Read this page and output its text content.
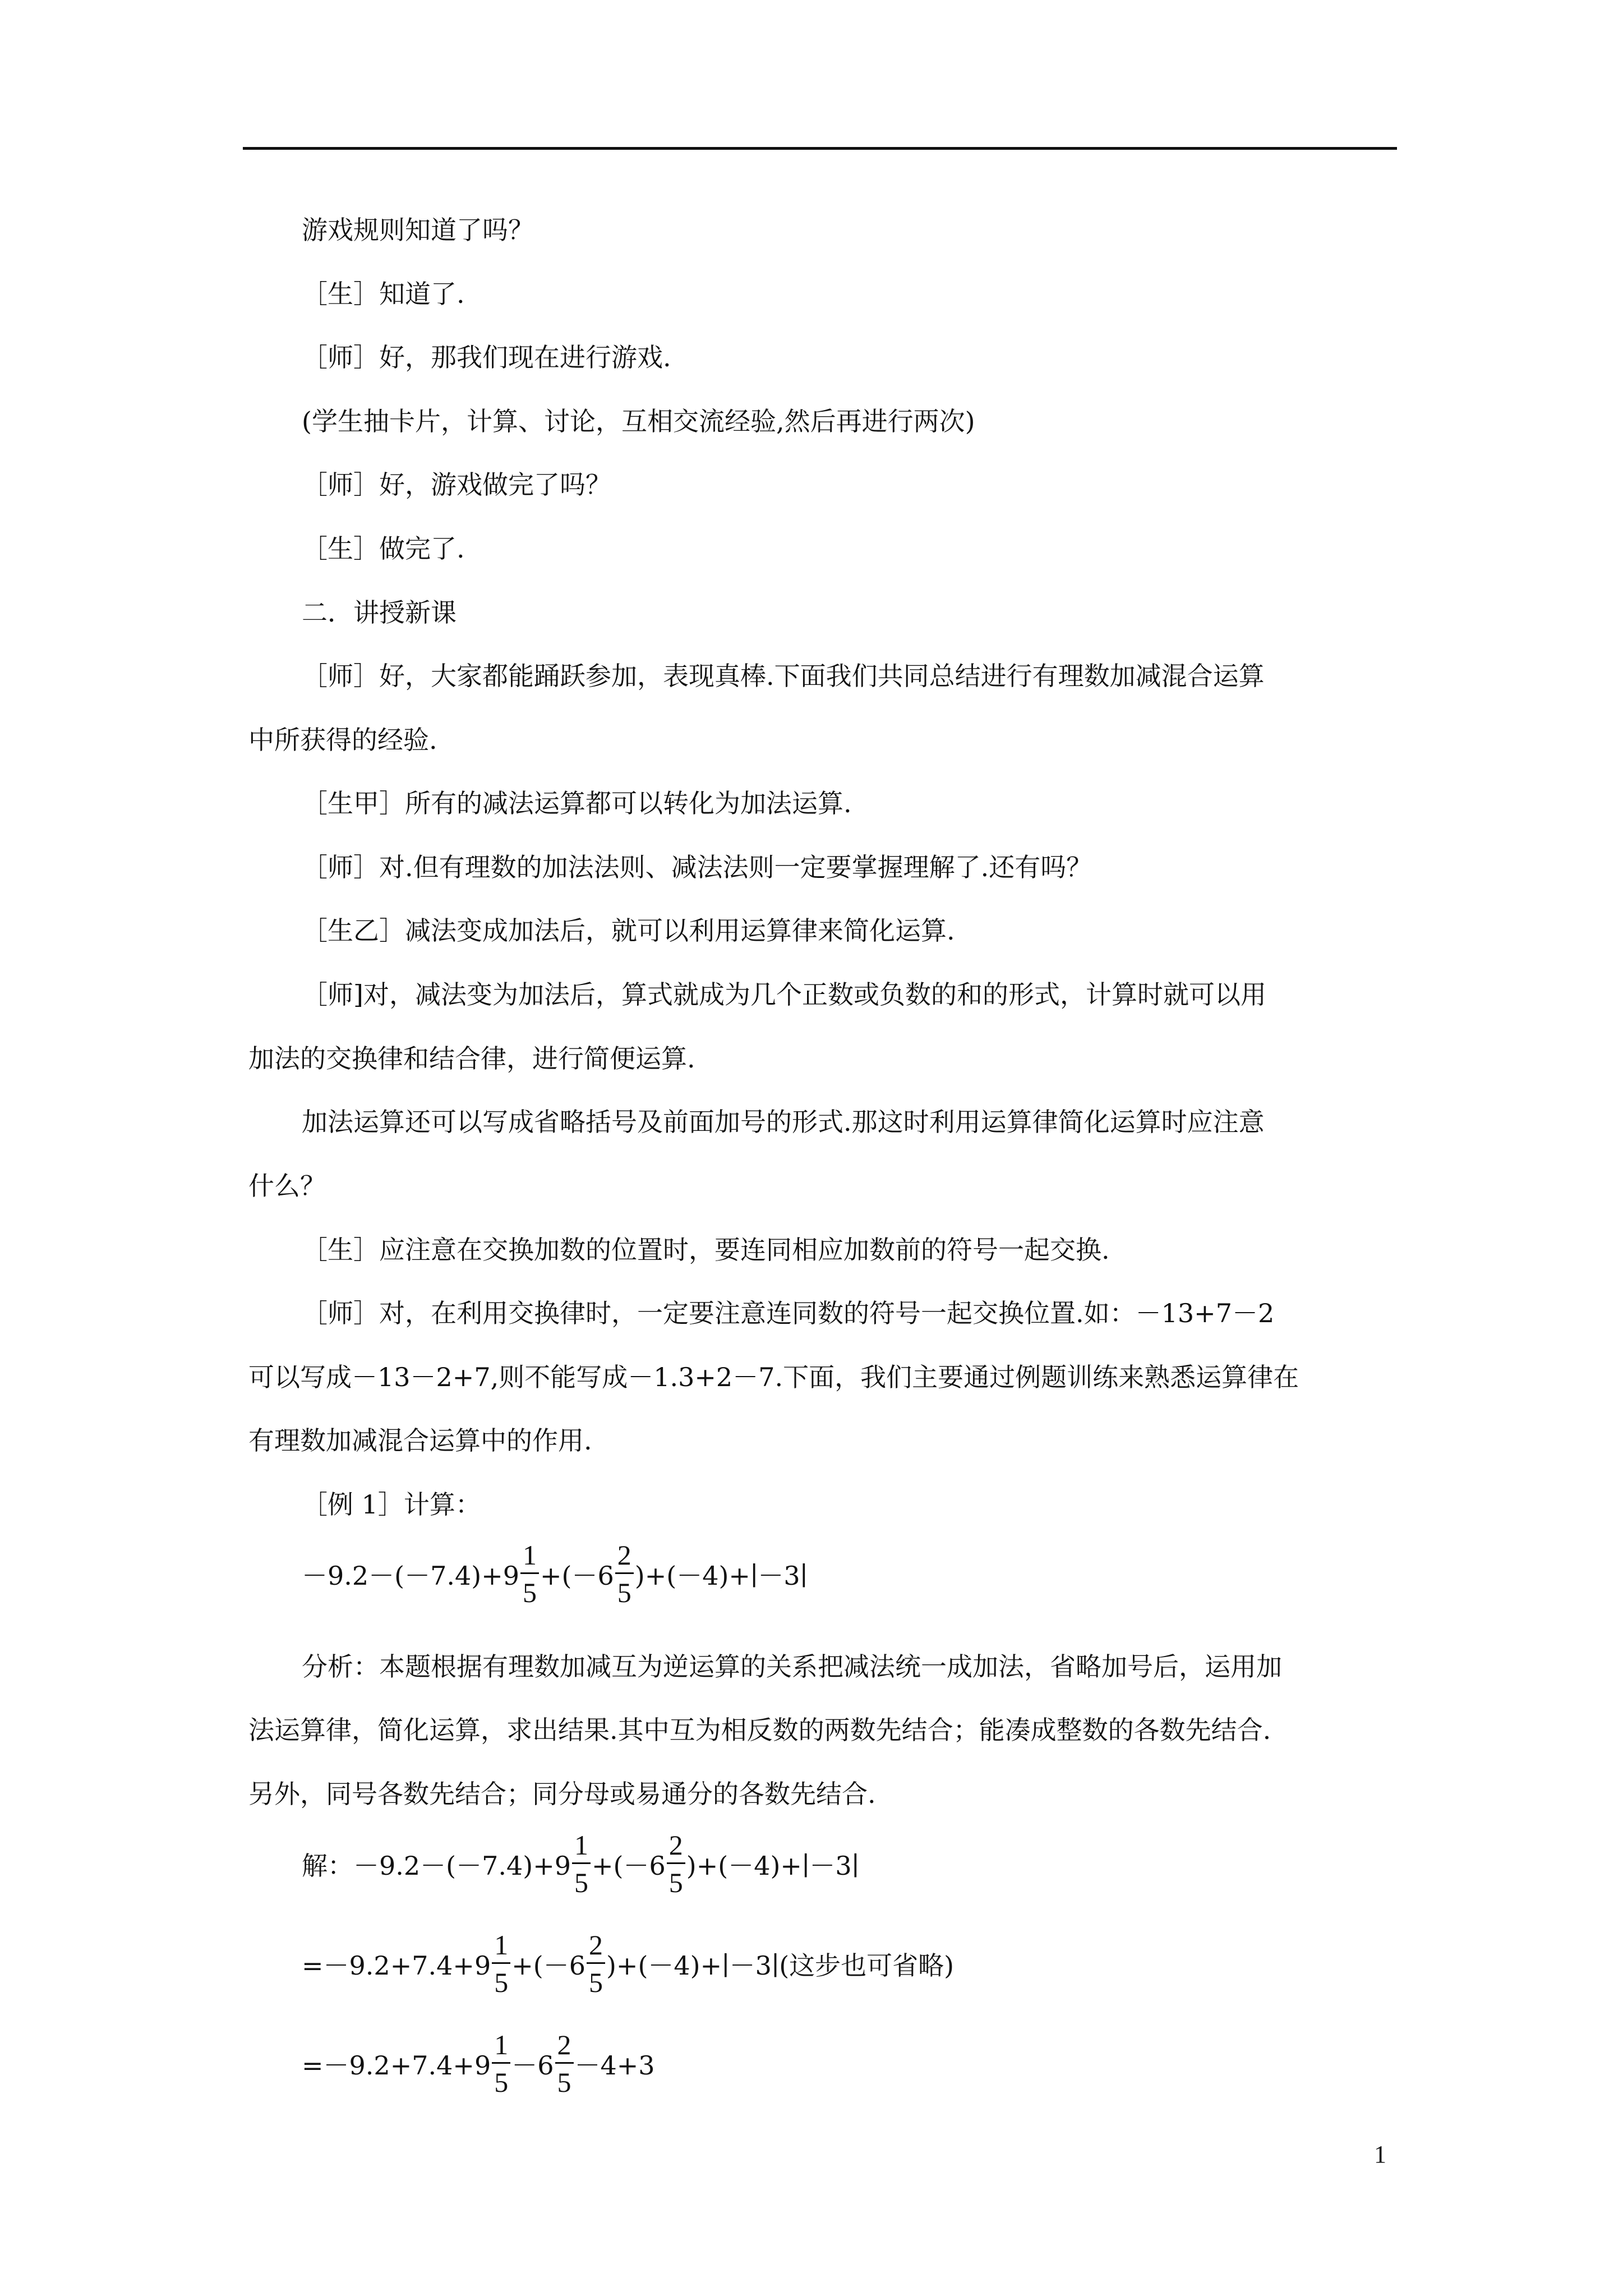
游戏规则知道了吗？
［生］知道了.
［师］好，那我们现在进行游戏.
(学生抽卡片，计算、讨论，互相交流经验,然后再进行两次)
［师］好，游戏做完了吗？
［生］做完了.
二．讲授新课
［师］好，大家都能踊跃参加，表现真棒.下面我们共同总结进行有理数加减混合运算
中所获得的经验.
［生甲］所有的减法运算都可以转化为加法运算.
［师］对.但有理数的加法法则、减法法则一定要掌握理解了.还有吗？
［生乙］减法变成加法后，就可以利用运算律来简化运算.
［师]对，减法变为加法后，算式就成为几个正数或负数的和的形式，计算时就可以用
加法的交换律和结合律，进行简便运算.
加法运算还可以写成省略括号及前面加号的形式.那这时利用运算律简化运算时应注意
什么？
［生］应注意在交换加数的位置时，要连同相应加数前的符号一起交换.
［师］对，在利用交换律时，一定要注意连同数的符号一起交换位置.如：－13+7－2
可以写成－13－2+7,则不能写成－1.3+2－7.下面，我们主要通过例题训练来熟悉运算律在
有理数加减混合运算中的作用.
［例 1］计算：
$-9.2-(-7.4)+9 \frac{1}{5} +(-6 \frac{2}{5}$ )+(－4)+∣－3∣
分析：本题根据有理数加减互为逆运算的关系把减法统一成加法，省略加号后，运用加
法运算律，简化运算，求出结果.其中互为相反数的两数先结合；能凑成整数的各数先结合.
另外，同号各数先结合；同分母或易通分的各数先结合.
解：$-9.2-(-7.4)+9 \frac{1}{5} +(-6 \frac{2}{5}$ )+(－4)+∣－3∣
$=-9.2+7.4+9 \frac{1}{5} +(-6 \frac{2}{5}$ )+(－4)+∣－3∣(这步也可省略)
$=-9.2+7.4+9 \frac{1}{5} -6 \frac{2}{5} -4+3$
1
